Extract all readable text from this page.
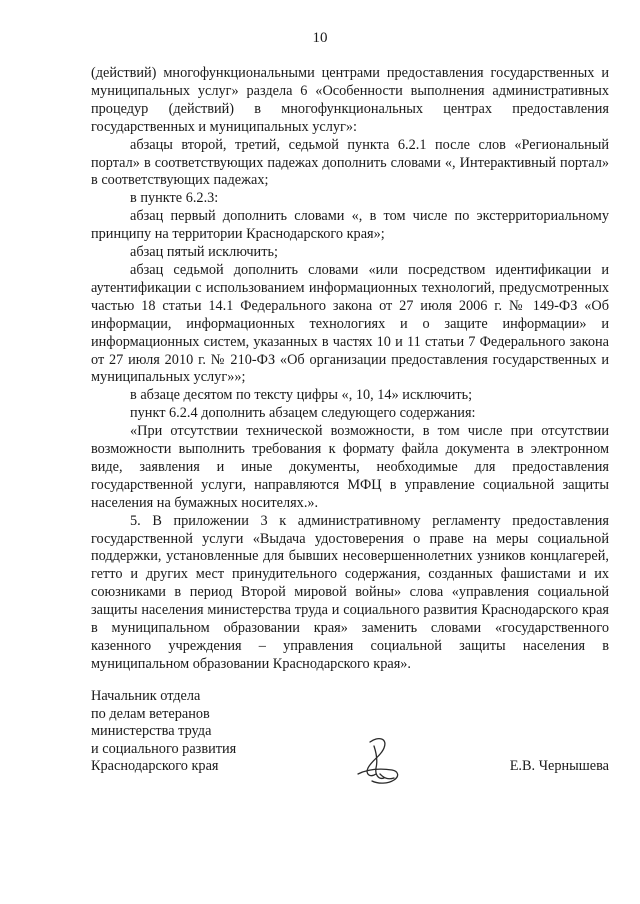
10

(действий) многофункциональными центрами предоставления государственных и муниципальных услуг» раздела 6 «Особенности выполнения административных процедур (действий) в многофункциональных центрах предоставления государственных и муниципальных услуг»:

абзацы второй, третий, седьмой пункта 6.2.1 после слов «Региональный портал» в соответствующих падежах дополнить словами «, Интерактивный портал» в соответствующих падежах;

в пункте 6.2.3:

абзац первый дополнить словами «, в том числе по экстерриториальному принципу на территории Краснодарского края»;

абзац пятый исключить;

абзац седьмой дополнить словами «или посредством идентификации и аутентификации с использованием информационных технологий, предусмотренных частью 18 статьи 14.1 Федерального закона от 27 июля 2006 г. № 149-ФЗ «Об информации, информационных технологиях и о защите информации» и информационных систем, указанных в частях 10 и 11 статьи 7 Федерального закона от 27 июля 2010 г. № 210-ФЗ «Об организации предоставления государственных и муниципальных услуг»»;

в абзаце десятом по тексту цифры «, 10, 14» исключить;

пункт 6.2.4 дополнить абзацем следующего содержания:

«При отсутствии технической возможности, в том числе при отсутствии возможности выполнить требования к формату файла документа в электронном виде, заявления и иные документы, необходимые для предоставления государственной услуги, направляются МФЦ в управление социальной защиты населения на бумажных носителях.».

5. В приложении 3 к административному регламенту предоставления государственной услуги «Выдача удостоверения о праве на меры социальной поддержки, установленные для бывших несовершеннолетних узников концлагерей, гетто и других мест принудительного содержания, созданных фашистами и их союзниками в период Второй мировой войны» слова «управления социальной защиты населения министерства труда и социального развития Краснодарского края в муниципальном образовании края» заменить словами «государственного казенного учреждения – управления социальной защиты населения в муниципальном образовании Краснодарского края».

Начальник отдела
по делам ветеранов
министерства труда
и социального развития
Краснодарского края	Е.В. Чернышева
